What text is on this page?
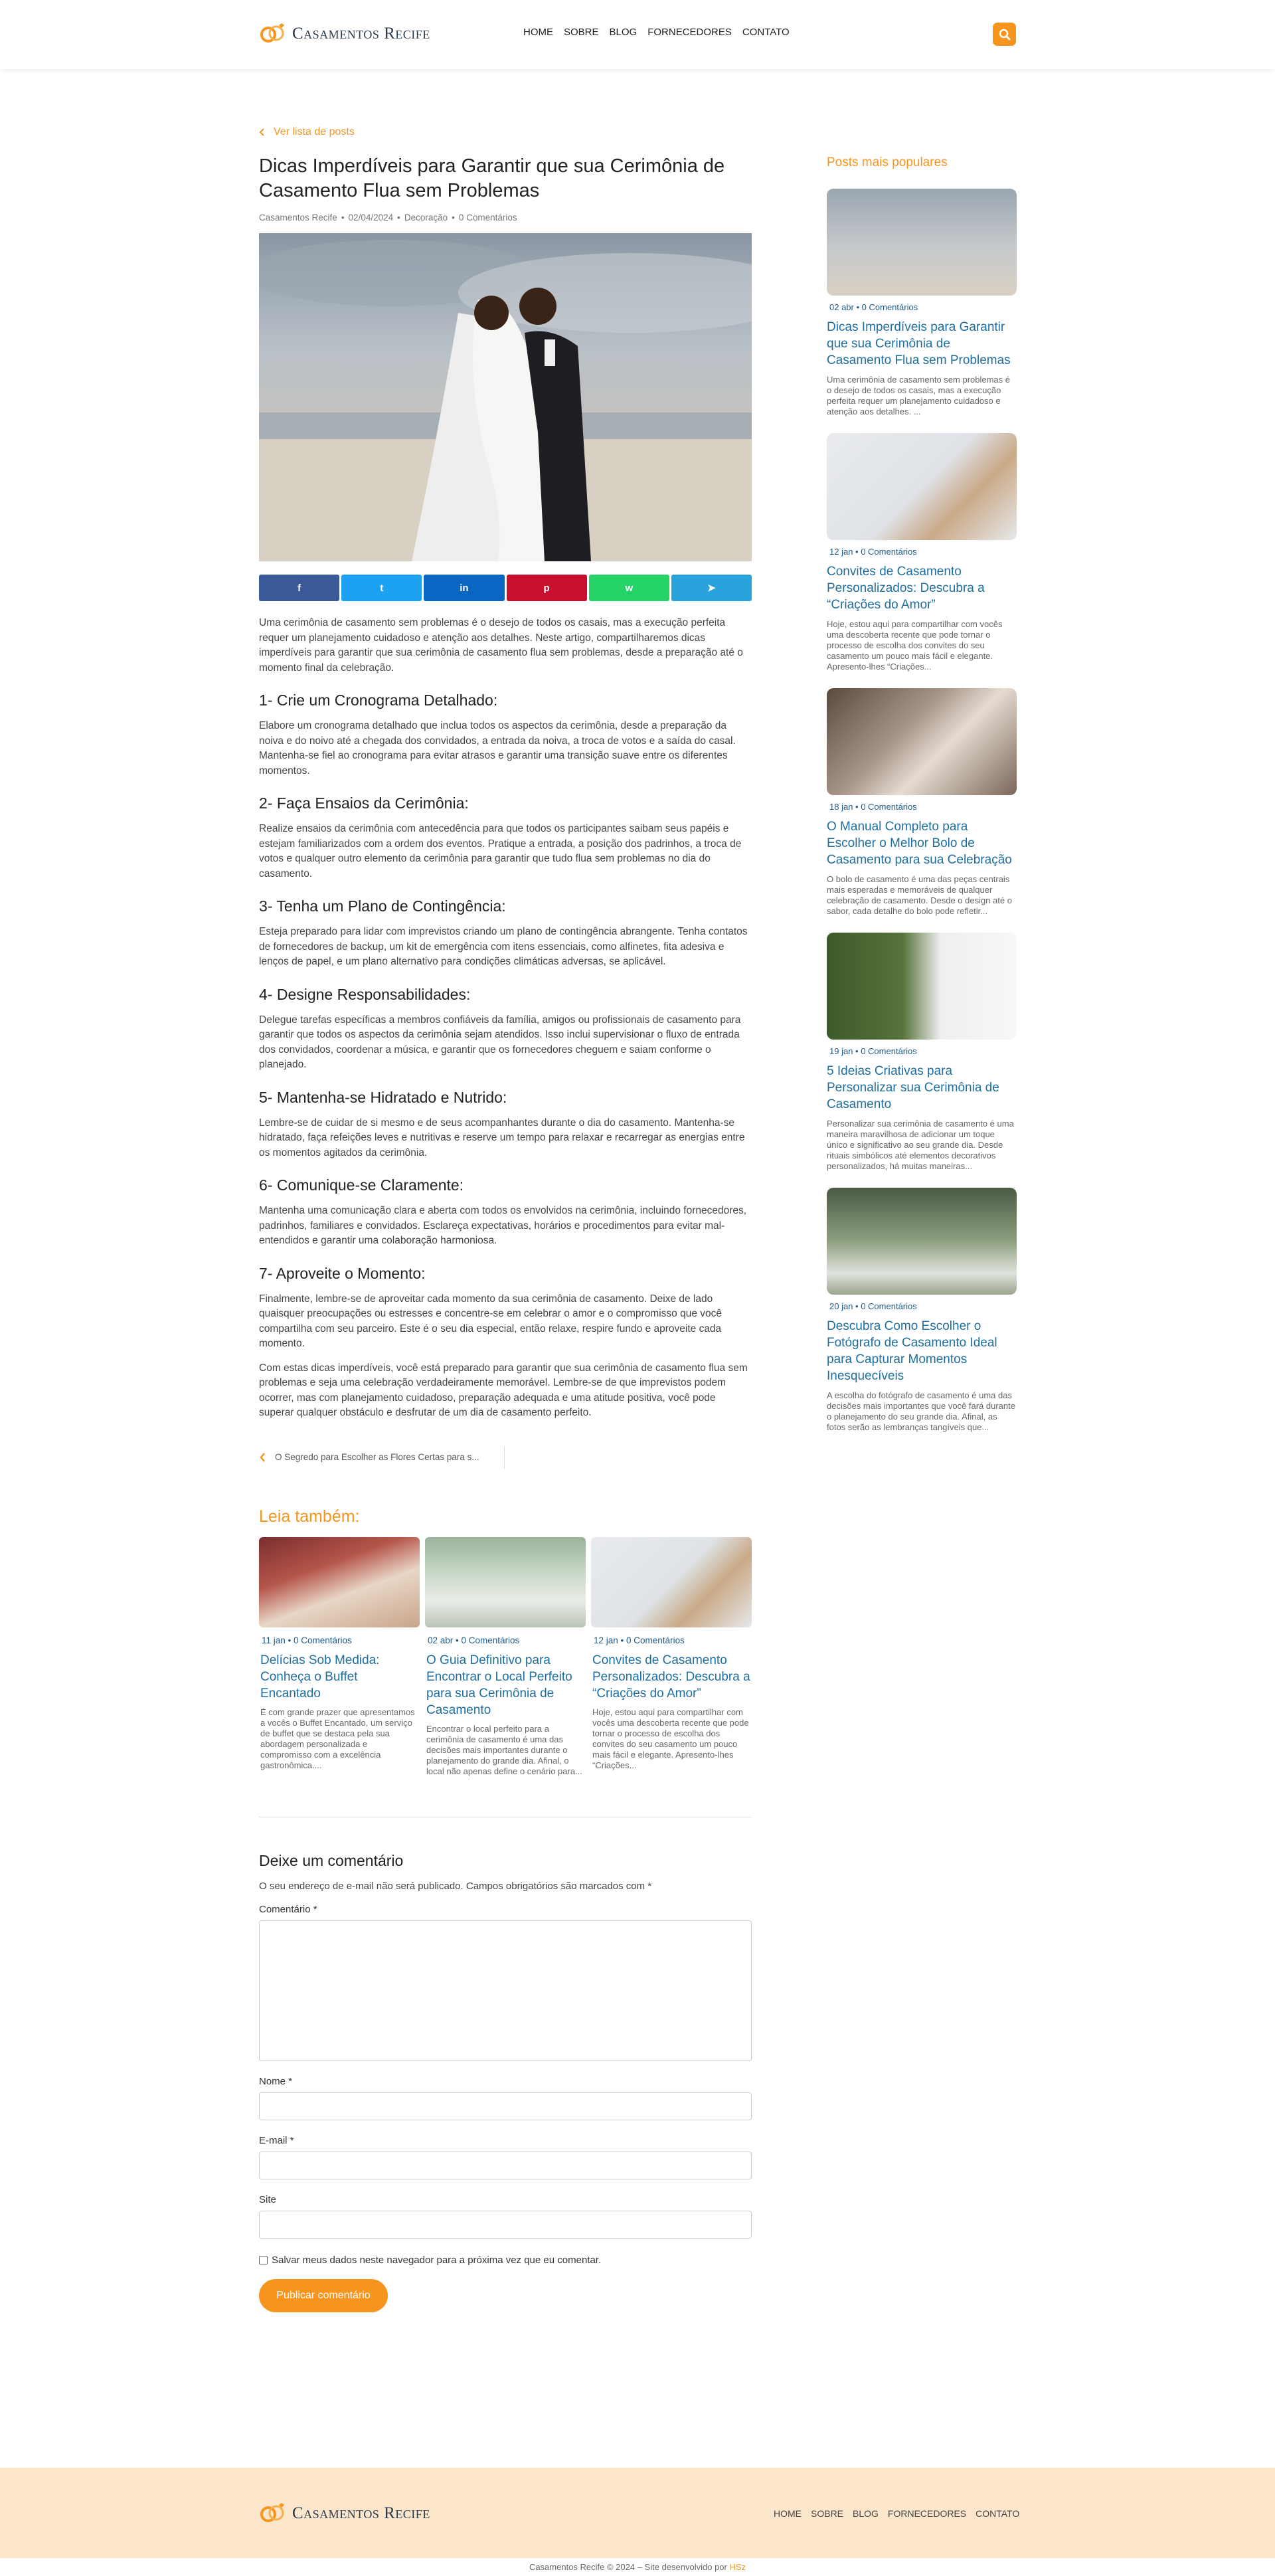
Casamentos Recife	HOME SOBRE BLOG FORNECEDORES CONTATO
Ver lista de posts
Dicas Imperdíveis para Garantir que sua Cerimônia de Casamento Flua sem Problemas
Casamentos Recife • 02/04/2024 • Decoração • 0 Comentários
f	t	in	p	w	➤

Uma cerimônia de casamento sem problemas é o desejo de todos os casais, mas a execução perfeita requer um planejamento cuidadoso e atenção aos detalhes. Neste artigo, compartilharemos dicas imperdíveis para garantir que sua cerimônia de casamento flua sem problemas, desde a preparação até o momento final da celebração.

1- Crie um Cronograma Detalhado:

Elabore um cronograma detalhado que inclua todos os aspectos da cerimônia, desde a preparação da noiva e do noivo até a chegada dos convidados, a entrada da noiva, a troca de votos e a saída do casal. Mantenha-se fiel ao cronograma para evitar atrasos e garantir uma transição suave entre os diferentes momentos.

2- Faça Ensaios da Cerimônia:

Realize ensaios da cerimônia com antecedência para que todos os participantes saibam seus papéis e estejam familiarizados com a ordem dos eventos. Pratique a entrada, a posição dos padrinhos, a troca de votos e qualquer outro elemento da cerimônia para garantir que tudo flua sem problemas no dia do casamento.

3- Tenha um Plano de Contingência:

Esteja preparado para lidar com imprevistos criando um plano de contingência abrangente. Tenha contatos de fornecedores de backup, um kit de emergência com itens essenciais, como alfinetes, fita adesiva e lenços de papel, e um plano alternativo para condições climáticas adversas, se aplicável.

4- Designe Responsabilidades:

Delegue tarefas específicas a membros confiáveis da família, amigos ou profissionais de casamento para garantir que todos os aspectos da cerimônia sejam atendidos. Isso inclui supervisionar o fluxo de entrada dos convidados, coordenar a música, e garantir que os fornecedores cheguem e saiam conforme o planejado.

5- Mantenha-se Hidratado e Nutrido:

Lembre-se de cuidar de si mesmo e de seus acompanhantes durante o dia do casamento. Mantenha-se hidratado, faça refeições leves e nutritivas e reserve um tempo para relaxar e recarregar as energias entre os momentos agitados da cerimônia.

6- Comunique-se Claramente:

Mantenha uma comunicação clara e aberta com todos os envolvidos na cerimônia, incluindo fornecedores, padrinhos, familiares e convidados. Esclareça expectativas, horários e procedimentos para evitar mal-entendidos e garantir uma colaboração harmoniosa.

7- Aproveite o Momento:

Finalmente, lembre-se de aproveitar cada momento da sua cerimônia de casamento. Deixe de lado quaisquer preocupações ou estresses e concentre-se em celebrar o amor e o compromisso que você compartilha com seu parceiro. Este é o seu dia especial, então relaxe, respire fundo e aproveite cada momento.

Com estas dicas imperdíveis, você está preparado para garantir que sua cerimônia de casamento flua sem problemas e seja uma celebração verdadeiramente memorável. Lembre-se de que imprevistos podem ocorrer, mas com planejamento cuidadoso, preparação adequada e uma atitude positiva, você pode superar qualquer obstáculo e desfrutar de um dia de casamento perfeito.

O Segredo para Escolher as Flores Certas para s...
Leia também:
11 jan • 0 Comentários
Delícias Sob Medida: Conheça o Buffet Encantado
É com grande prazer que apresentamos a vocês o Buffet Encantado, um serviço de buffet que se destaca pela sua abordagem personalizada e compromisso com a excelência gastronômica....
02 abr • 0 Comentários
O Guia Definitivo para Encontrar o Local Perfeito para sua Cerimônia de Casamento
Encontrar o local perfeito para a cerimônia de casamento é uma das decisões mais importantes durante o planejamento do grande dia. Afinal, o local não apenas define o cenário para...
12 jan • 0 Comentários
Convites de Casamento Personalizados: Descubra a “Criações do Amor”
Hoje, estou aqui para compartilhar com vocês uma descoberta recente que pode tornar o processo de escolha dos convites do seu casamento um pouco mais fácil e elegante. Apresento-lhes “Criações...
Deixe um comentário

O seu endereço de e-mail não será publicado. Campos obrigatórios são marcados com *

Comentário *
Nome *
E-mail *
Site
Salvar meus dados neste navegador para a próxima vez que eu comentar.
Publicar comentário
Posts mais populares
02 abr • 0 Comentários
Dicas Imperdíveis para Garantir que sua Cerimônia de Casamento Flua sem Problemas
Uma cerimônia de casamento sem problemas é o desejo de todos os casais, mas a execução perfeita requer um planejamento cuidadoso e atenção aos detalhes. ...
12 jan • 0 Comentários
Convites de Casamento Personalizados: Descubra a “Criações do Amor”
Hoje, estou aqui para compartilhar com vocês uma descoberta recente que pode tornar o processo de escolha dos convites do seu casamento um pouco mais fácil e elegante. Apresento-lhes “Criações...
18 jan • 0 Comentários
O Manual Completo para Escolher o Melhor Bolo de Casamento para sua Celebração
O bolo de casamento é uma das peças centrais mais esperadas e memoráveis de qualquer celebração de casamento. Desde o design até o sabor, cada detalhe do bolo pode refletir...
19 jan • 0 Comentários
5 Ideias Criativas para Personalizar sua Cerimônia de Casamento
Personalizar sua cerimônia de casamento é uma maneira maravilhosa de adicionar um toque único e significativo ao seu grande dia. Desde rituais simbólicos até elementos decorativos personalizados, há muitas maneiras...
20 jan • 0 Comentários
Descubra Como Escolher o Fotógrafo de Casamento Ideal para Capturar Momentos Inesquecíveis
A escolha do fotógrafo de casamento é uma das decisões mais importantes que você fará durante o planejamento do seu grande dia. Afinal, as fotos serão as lembranças tangíveis que...
Casamentos Recife	HOME SOBRE BLOG FORNECEDORES CONTATO
Casamentos Recife © 2024 – Site desenvolvido por HSz
